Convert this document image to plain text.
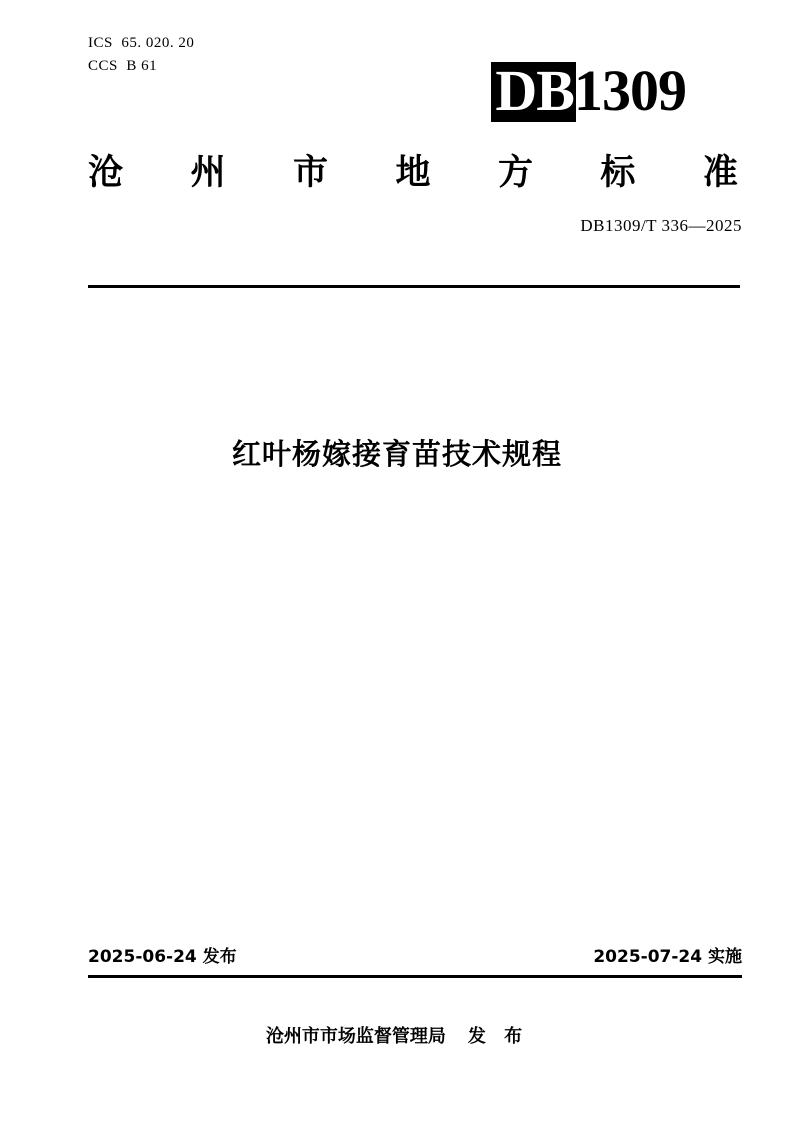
ICS  65. 020. 20
CCS  B 61	DB1309
沧 州 市 地 方 标 准
DB1309/T 336—2025
红叶杨嫁接育苗技术规程
2025-06-24 发布	2025-07-24 实施
沧州市市场监督管理局 发 布
